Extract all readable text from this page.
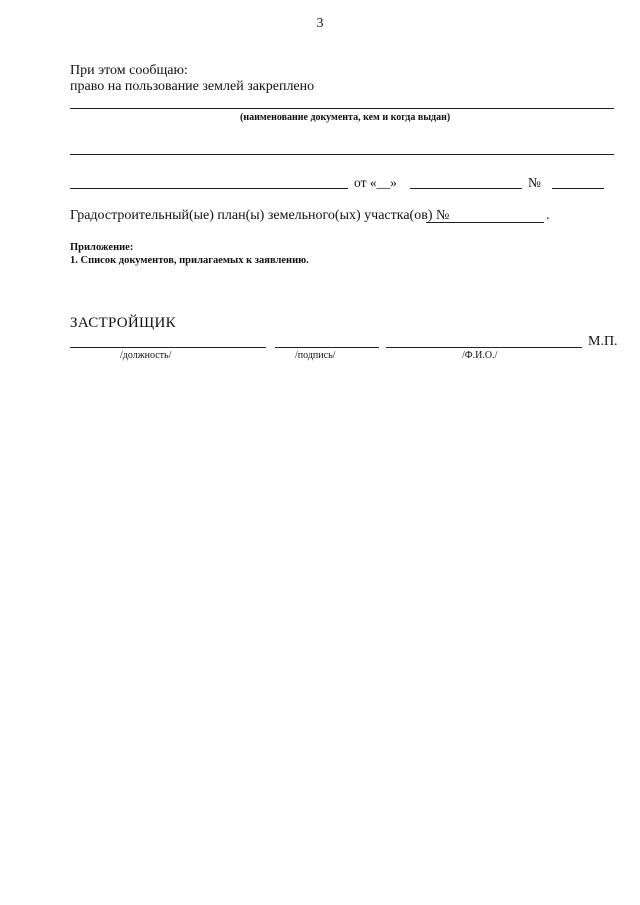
3
При этом сообщаю:
право на пользование землей закреплено
(наименование документа, кем и когда выдан)
от «__»	№
Градостроительный(ые) план(ы) земельного(ых) участка(ов) №	.
Приложение:
1. Список документов, прилагаемых к заявлению.
ЗАСТРОЙЩИК
М.П.
/должность/	/подпись/	/Ф.И.О./
